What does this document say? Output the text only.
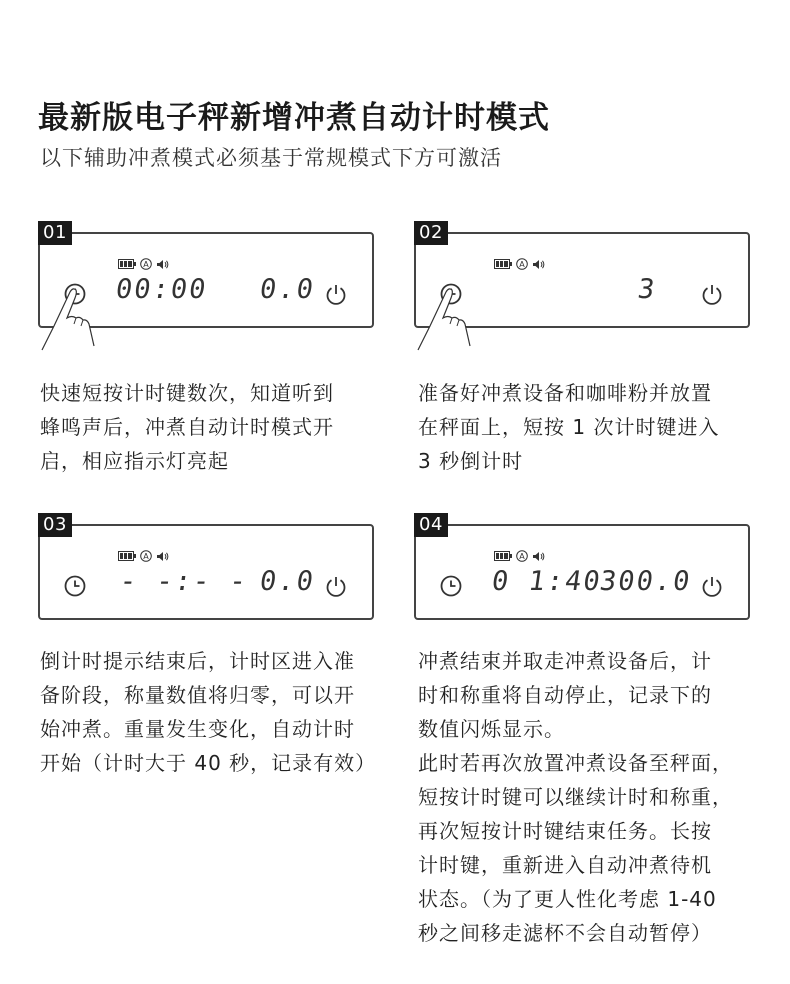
最新版电子秤新增冲煮自动计时模式
以下辅助冲煮模式必须基于常规模式下方可激活
01
A
00:00 0.0
02
A
3
03
A
- -:- - 0.0
04
A
0 1:40
300.0
快速短按计时键数次，知道听到
蜂鸣声后，冲煮自动计时模式开
启，相应指示灯亮起
准备好冲煮设备和咖啡粉并放置
在秤面上，短按 1 次计时键进入
3 秒倒计时
倒计时提示结束后，计时区进入准
备阶段，称量数值将归零，可以开
始冲煮。重量发生变化，自动计时
开始（计时大于 40 秒，记录有效）
冲煮结束并取走冲煮设备后，计
时和称重将自动停止，记录下的
数值闪烁显示。
此时若再次放置冲煮设备至秤面，
短按计时键可以继续计时和称重，
再次短按计时键结束任务。长按
计时键，重新进入自动冲煮待机
状态。（为了更人性化考虑 1-40
秒之间移走滤杯不会自动暂停）
